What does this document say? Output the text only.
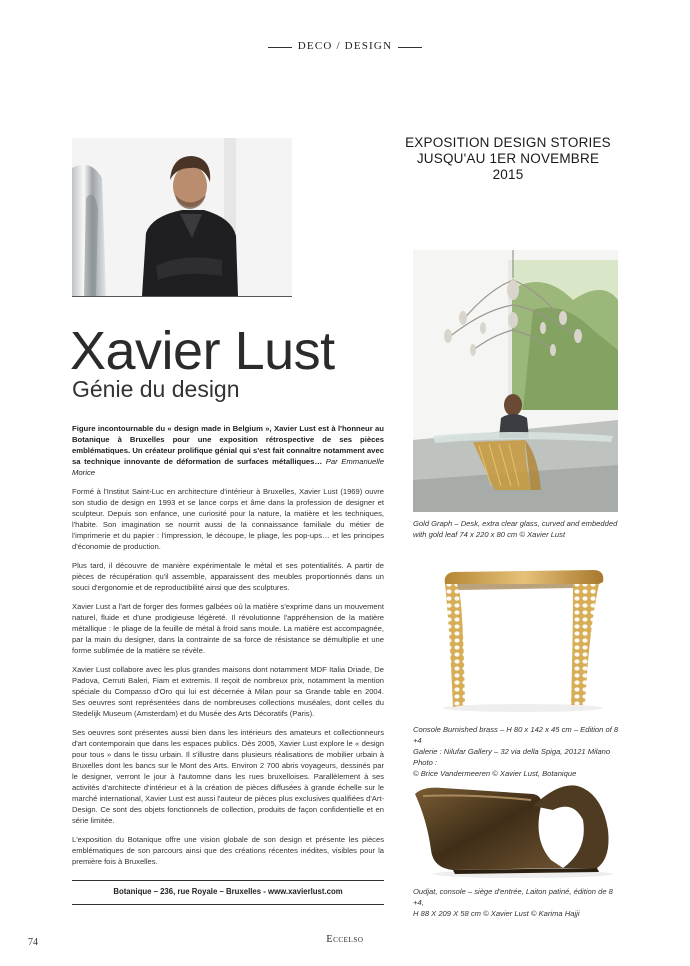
DECO / DESIGN
EXPOSITION DESIGN STORIES
JUSQU'AU 1ER NOVEMBRE 2015
Xavier Lust
Génie du design

Figure incontournable du « design made in Belgium », Xavier Lust est à l'honneur au Botanique à Bruxelles pour une exposition rétrospective de ses pièces emblématiques. Un créateur prolifique génial qui s'est fait connaître notamment avec sa technique innovante de déformation de surfaces métalliques… Par Emmanuelle Morice

Formé à l'Institut Saint-Luc en architecture d'intérieur à Bruxelles, Xavier Lust (1969) ouvre son studio de design en 1993 et se lance corps et âme dans la profession de designer et sculpteur. Depuis son enfance, une curiosité pour la nature, la matière et les techniques, l'habite. Son imagination se nourrit aussi de la connaissance familiale du métier de l'imprimerie et du papier : l'impression, le découpe, le pliage, les pop-ups… et les principes d'économie de production.

Plus tard, il découvre de manière expérimentale le métal et ses potentialités. A partir de pièces de récupération qu'il assemble, apparaissent des meubles proportionnés dans un souci d'ergonomie et de reproductibilité ainsi que des sculptures.

Xavier Lust a l'art de forger des formes galbées où la matière s'exprime dans un mouvement naturel, fluide et d'une prodigieuse légèreté. Il révolutionne l'appréhension de la matière métallique : le pliage de la feuille de métal à froid sans moule. La matière est accompagnée, par la main du designer, dans la contrainte de sa force de résistance se démultiplie et une forme sublimée de la matière se révèle.

Xavier Lust collabore avec les plus grandes maisons dont notamment MDF Italia Driade, De Padova, Cerruti Baleri, Fiam et extremis. Il reçoit de nombreux prix, notamment la mention spéciale du Compasso d'Oro qui lui est décernée à Milan pour sa Grande table en 2004. Ses oeuvres sont représentées dans de nombreuses collections muséales, dont celles du Stedelijk Museum (Amsterdam) et du Musée des Arts Décoratifs (Paris).

Ses oeuvres sont présentes aussi bien dans les intérieurs des amateurs et collectionneurs d'art contemporain que dans les espaces publics. Dès 2005, Xavier Lust explore le « design pour tous » dans le tissu urbain. Il s'illustre dans plusieurs réalisations de mobilier urbain à Bruxelles dont les bancs sur le Mont des Arts. Environ 2 700 abris voyageurs, dessinés par le designer, verront le jour à l'automne dans les rues bruxelloises. Parallèlement à ses activités d'architecte d'intérieur et à la création de pièces diffusées à grande échelle sur le marché international, Xavier Lust est aussi l'auteur de pièces plus exclusives qualifiées d'Art-Design. Ce sont des objets fonctionnels de collection, produits de façon confidentielle et en série limitée.

L'exposition du Botanique offre une vision globale de son design et présente les pièces emblématiques de son parcours ainsi que des créations récentes inédites, visibles pour la première fois à Bruxelles.

Botanique – 236, rue Royale – Bruxelles - www.xavierlust.com
Gold Graph – Desk, extra clear glass, curved and embedded
with gold leaf 74 x 220 x 80 cm © Xavier Lust
Console Burnished brass – H 80 x 142 x 45 cm – Edition of 8 +4
Galerie : Nilufar Gallery – 32 via della Spiga, 20121 Milano Photo :
© Brice Vandermeeren © Xavier Lust, Botanique
Oudjat, console – siège d'entrée, Laiton patiné, édition de 8 +4,
H 88 X 209 X 58 cm © Xavier Lust © Karima Hajji
74	Eccelso
